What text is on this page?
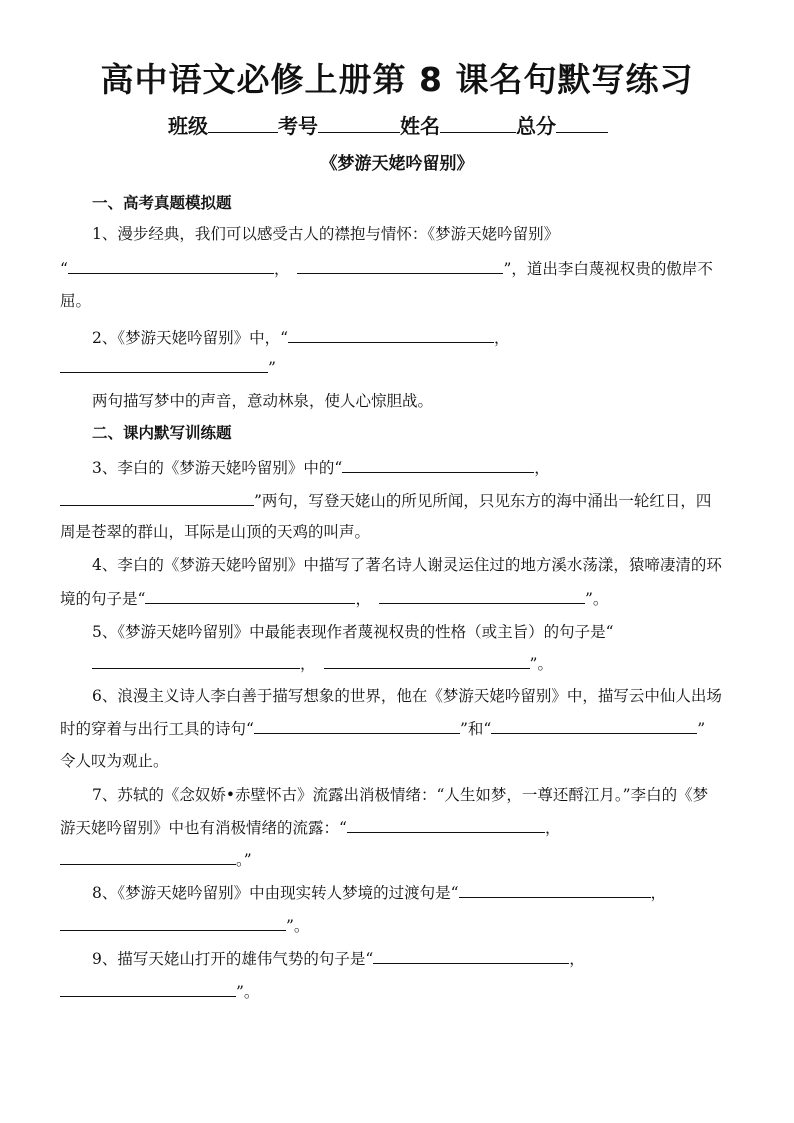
高中语文必修上册第 8 课名句默写练习
班级	考号	姓名	总分
《梦游天姥吟留别》
一、高考真题模拟题
1、漫步经典，我们可以感受古人的襟抱与情怀：《梦游天姥吟留别》
“	，	”，道出李白蔑视权贵的傲岸不
屈。
2、《梦游天姥吟留别》中，“	，
”
两句描写梦中的声音，意动林泉，使人心惊胆战。
二、课内默写训练题
3、李白的《梦游天姥吟留别》中的“	，
”两句，写登天姥山的所见所闻，只见东方的海中涌出一轮红日，四
周是苍翠的群山，耳际是山顶的天鸡的叫声。
4、李白的《梦游天姥吟留别》中描写了著名诗人谢灵运住过的地方溪水荡漾，猿啼凄清的环
境的句子是“	，	”。
5、《梦游天姥吟留别》中最能表现作者蔑视权贵的性格（或主旨）的句子是“
，	”。
6、浪漫主义诗人李白善于描写想象的世界，他在《梦游天姥吟留别》中，描写云中仙人出场
时的穿着与出行工具的诗句“	”和“	”
令人叹为观止。
7、苏轼的《念奴娇•赤壁怀古》流露出消极情绪：“人生如梦，一尊还酹江月。”李白的《梦
游天姥吟留别》中也有消极情绪的流露：“	，
。”
8、《梦游天姥吟留别》中由现实转人梦境的过渡句是“	，
”。
9、描写天姥山打开的雄伟气势的句子是“	，
”。
